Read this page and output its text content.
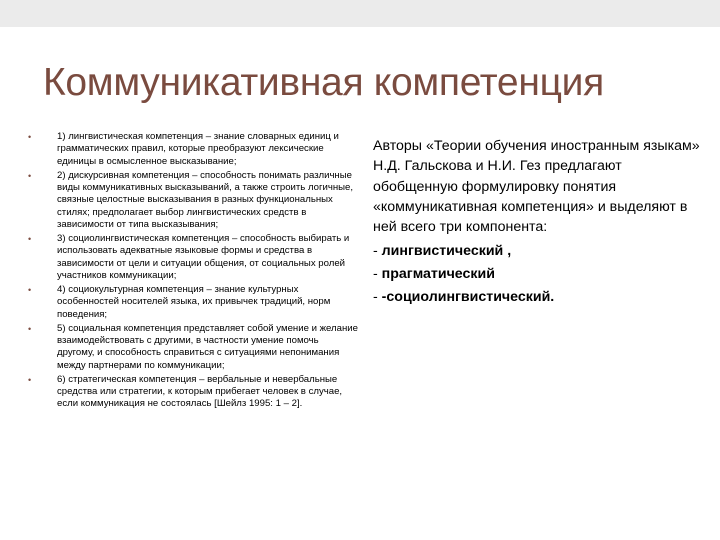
Коммуникативная компетенция
•	1) лингвистическая компетенция – знание словарных единиц и грамматических правил, которые преобразуют лексические единицы в осмысленное высказывание;
•	2) дискурсивная компетенция – способность понимать различные виды коммуникативных высказываний, а также строить логичные, связные целостные высказывания в разных функциональных стилях; предполагает выбор лингвистических средств в зависимости от типа высказывания;
•	3) социолингвистическая компетенция – способность выбирать и использовать адекватные языковые формы и средства в зависимости от цели и ситуации общения, от социальных ролей участников коммуникации;
•	4) социокультурная компетенция – знание культурных особенностей носителей языка, их привычек традиций, норм поведения;
•	5) социальная компетенция представляет собой умение и желание взаимодействовать с другими, в частности умение помочь другому, и способность справиться с ситуациями непонимания между партнерами по коммуникации;
•	6) стратегическая компетенция – вербальные и невербальные средства или стратегии, к которым прибегает человек в случае, если коммуникация не состоялась [Шейлз 1995: 1 – 2].

Авторы «Теории обучения иностранным языкам» Н.Д. Гальскова и Н.И. Гез предлагают обобщенную формулировку понятия «коммуникативная компетенция» и выделяют в ней всего три компонента:

- лингвистический ,
- прагматический
- -социолингвистический.
